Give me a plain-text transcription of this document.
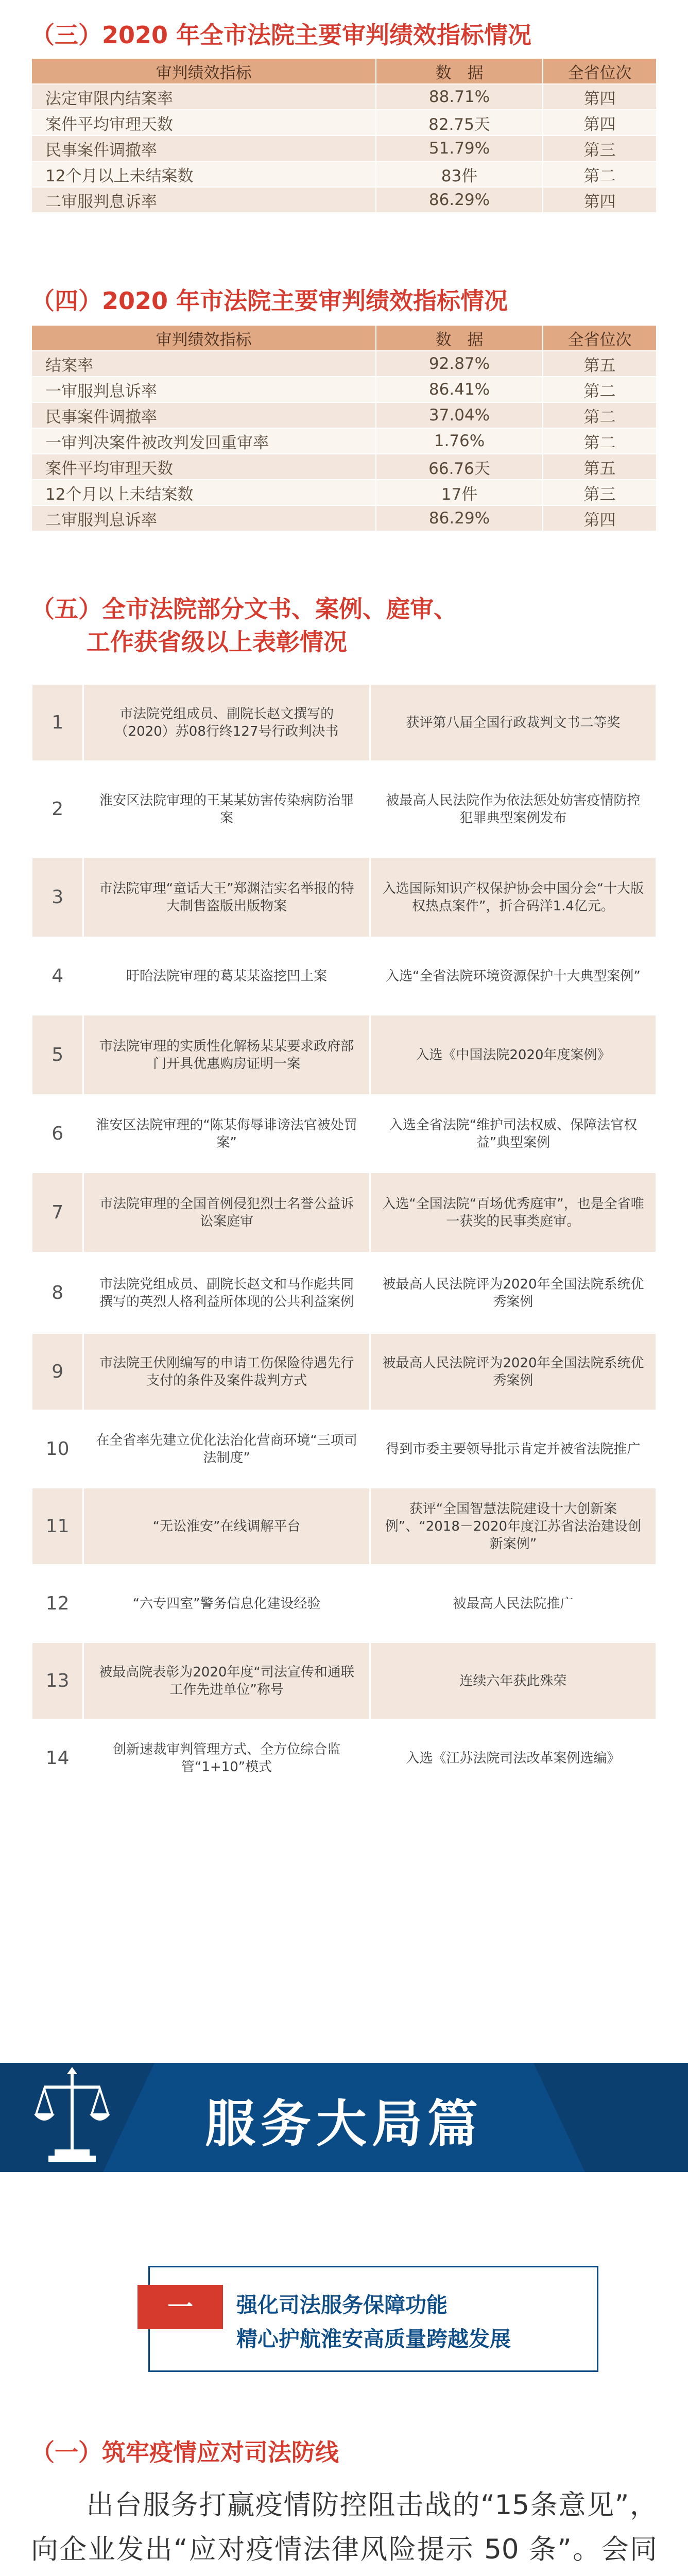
（三）2020 年全市法院主要审判绩效指标情况
审判绩效指标	数　据	全省位次
法定审限内结案率	88.71%	第四
案件平均审理天数	82.75天	第四
民事案件调撤率	51.79%	第三
12个月以上未结案数	83件	第二
二审服判息诉率	86.29%	第四
（四）2020 年市法院主要审判绩效指标情况
审判绩效指标	数　据	全省位次
结案率	92.87%	第五
一审服判息诉率	86.41%	第二
民事案件调撤率	37.04%	第二
一审判决案件被改判发回重审率	1.76%	第二
案件平均审理天数	66.76天	第五
12个月以上未结案数	17件	第三
二审服判息诉率	86.29%	第四
（五）全市法院部分文书、案例、庭审、
工作获省级以上表彰情况
1	市法院党组成员、副院长赵文撰写的（2020）苏08行终127号行政判决书	获评第八届全国行政裁判文书二等奖
2	淮安区法院审理的王某某妨害传染病防治罪案	被最高人民法院作为依法惩处妨害疫情防控犯罪典型案例发布
3	市法院审理“童话大王”郑渊洁实名举报的特大制售盗版出版物案	入选国际知识产权保护协会中国分会“十大版权热点案件”，折合码洋1.4亿元。
4	盱眙法院审理的葛某某盗挖凹土案	入选“全省法院环境资源保护十大典型案例”
5	市法院审理的实质性化解杨某某要求政府部门开具优惠购房证明一案	入选《中国法院2020年度案例》
6	淮安区法院审理的“陈某侮辱诽谤法官被处罚案”	入选全省法院“维护司法权威、保障法官权益”典型案例
7	市法院审理的全国首例侵犯烈士名誉公益诉讼案庭审	入选“全国法院“百场优秀庭审”，也是全省唯一获奖的民事类庭审。
8	市法院党组成员、副院长赵文和马作彪共同撰写的英烈人格利益所体现的公共利益案例	被最高人民法院评为2020年全国法院系统优秀案例
9	市法院王伏刚编写的申请工伤保险待遇先行支付的条件及案件裁判方式	被最高人民法院评为2020年全国法院系统优秀案例
10	在全省率先建立优化法治化营商环境“三项司法制度”	得到市委主要领导批示肯定并被省法院推广
11	“无讼淮安”在线调解平台	获评“全国智慧法院建设十大创新案例”、“2018－2020年度江苏省法治建设创新案例”
12	“六专四室”警务信息化建设经验	被最高人民法院推广
13	被最高院表彰为2020年度“司法宣传和通联工作先进单位”称号	连续六年获此殊荣
14	创新速裁审判管理方式、全方位综合监管“1+10”模式	入选《江苏法院司法改革案例选编》
服务大局篇
一	强化司法服务保障功能
精心护航淮安高质量跨越发展
（一）筑牢疫情应对司法防线
出台服务打赢疫情防控阻击战的“15条意见”，向企业发出“应对疫情法律风险提示 50 条”。会同
